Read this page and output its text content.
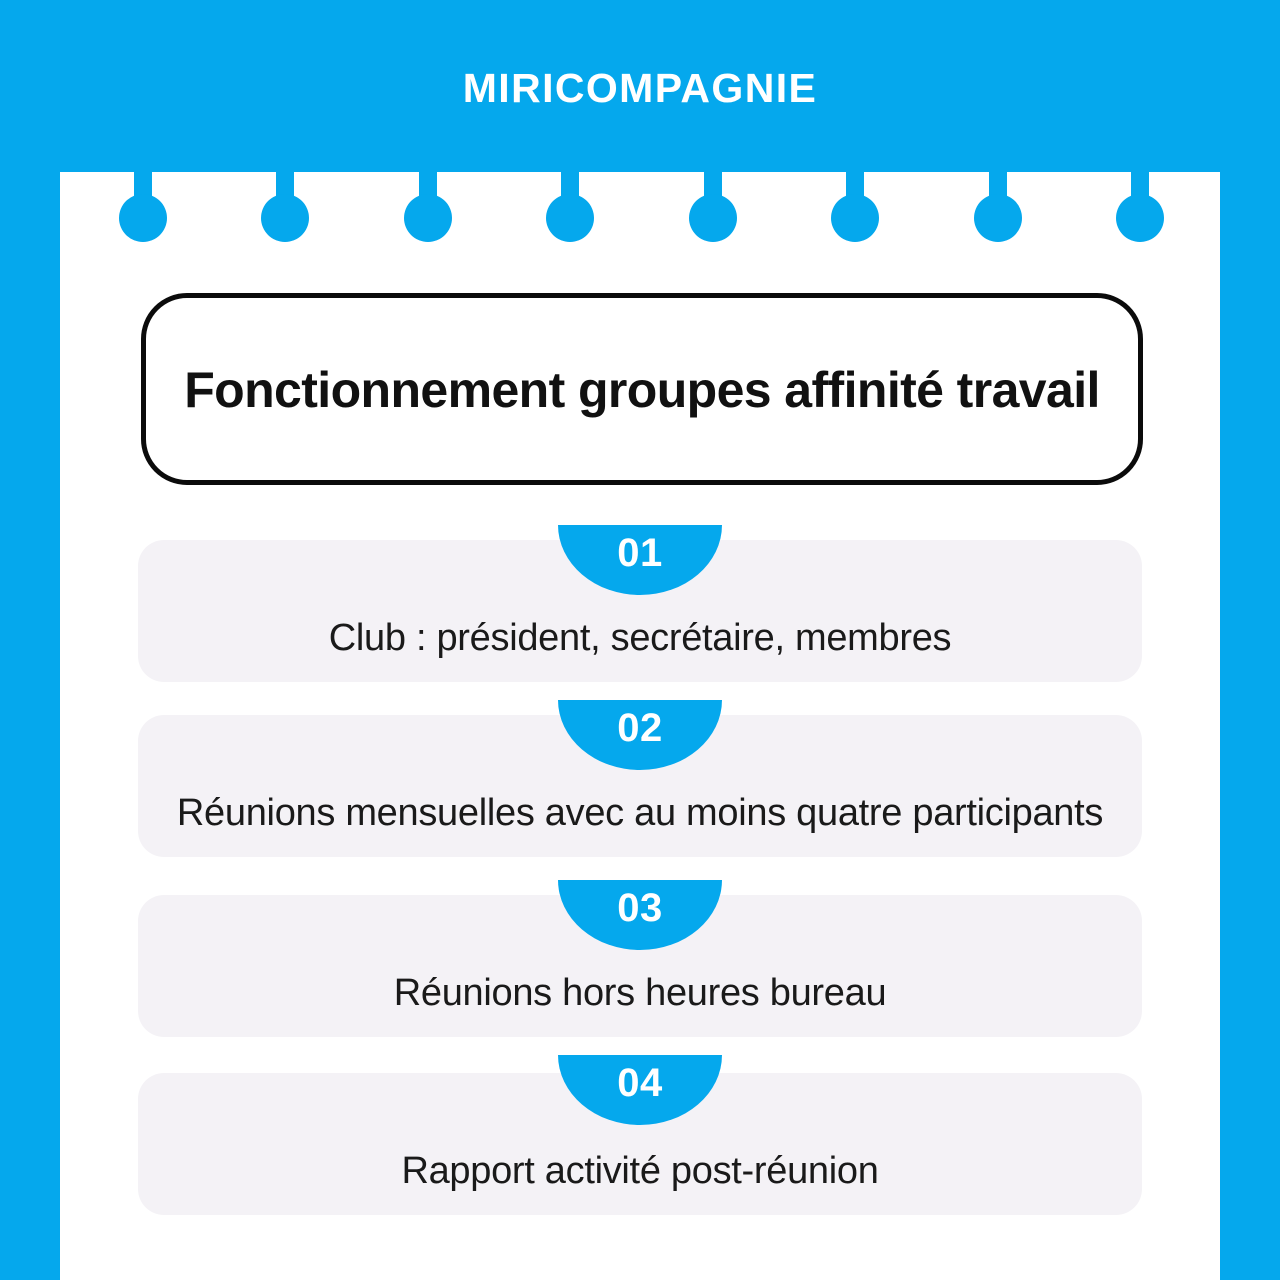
MIRICOMPAGNIE
Fonctionnement groupes affinité travail
Club : président, secrétaire, membres
01
Réunions mensuelles avec au moins quatre participants
02
Réunions hors heures bureau
03
Rapport activité post-réunion
04
